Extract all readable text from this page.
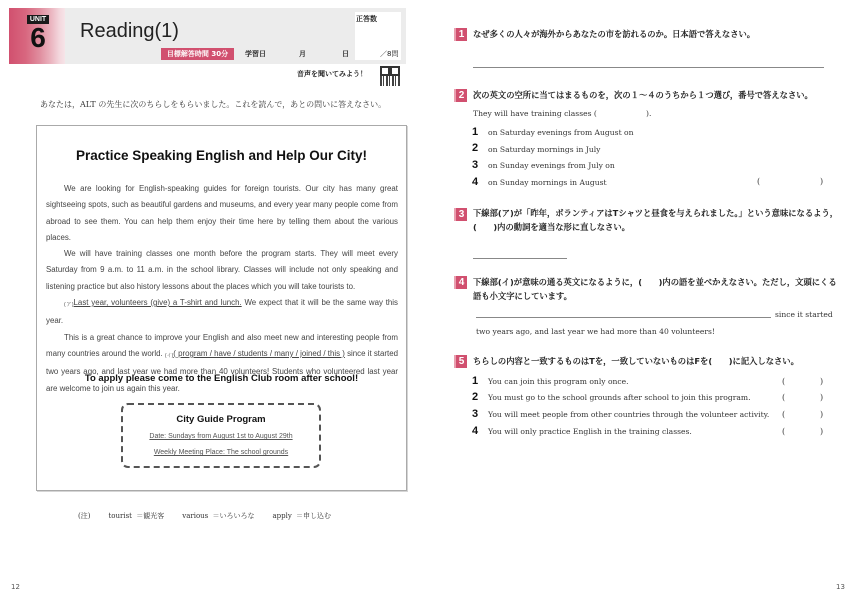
UNIT
6 Reading(1)
目標解答時間 30分	学習日	月	日
正答数
／8問
音声を聞いてみよう！
あなたは，ALT の先生に次のちらしをもらいました。これを読んで，あとの問いに答えなさい。
Practice Speaking English and Help Our City!

We are looking for English-speaking guides for foreign tourists. Our city has many great sightseeing spots, such as beautiful gardens and museums, and every year many people come from abroad to see them. You can help them enjoy their time here by telling them about the various places.

We will have training classes one month before the program starts. They will meet every Saturday from 9 a.m. to 11 a.m. in the school library. Classes will include not only speaking and listening practice but also history lessons about the places which you will take tourists to.

(ア)Last year, volunteers (give) a T-shirt and lunch. We expect that it will be the same way this year.

This is a great chance to improve your English and also meet new and interesting people from many countries around the world. (イ)( program / have / students / many / joined / this ) since it started two years ago, and last year we had more than 40 volunteers! Students who volunteered last year are welcome to join us again this year.

To apply please come to the English Club room after school!
City Guide Program
Date: Sundays from August 1st to August 29th
Weekly Meeting Place: The school grounds
(注)	tourist ＝観光客	various ＝いろいろな	apply ＝申し込む
12
1	なぜ多くの人々が海外からあなたの市を訪れるのか。日本語で答えなさい。
2	次の英文の空所に当てはまるものを，次の１～４のうちから１つ選び，番号で答えなさい。
They will have training classes (	).
1 on Saturday evenings from August on
2 on Saturday mornings in July
3 on Sunday evenings from July on
4 on Sunday mornings in August	(	)
3	下線部(ア)が「昨年，ボランティアはTシャツと昼食を与えられました。」という意味になるよう，
(　　)内の動詞を適当な形に直しなさい。
4	下線部(イ)が意味の通る英文になるように，(　　)内の語を並べかえなさい。ただし，文頭にくる
語も小文字にしています。
since it started
two years ago, and last year we had more than 40 volunteers!
5	ちらしの内容と一致するものはTを，一致していないものはFを(　　)に記入しなさい。
1 You can join this program only once.	(	)
2 You must go to the school grounds after school to join this program.	(	)
3 You will meet people from other countries through the volunteer activity. (	)
4 You will only practice English in the training classes.	(	)
13
